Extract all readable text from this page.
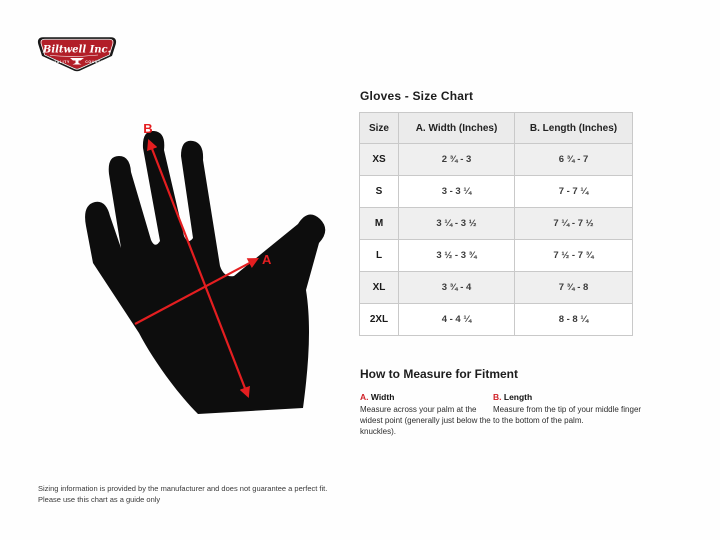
Biltwell Inc.
“QUALITY COUNTS”
B
A
Gloves - Size Chart
Size	A. Width (Inches)	B. Length (Inches)
XS	2 ¾ - 3	6 ¾ - 7
S	3 - 3 ¼	7 - 7 ¼
M	3 ¼ - 3 ½	7 ¼ - 7 ½
L	3 ½ - 3 ¾	7 ½ - 7 ¾
XL	3 ¾ - 4	7 ¾ - 8
2XL	4 - 4 ¼	8 - 8 ¼
How to Measure for Fitment
A. Width
Measure across your palm at the widest point (generally just below the knuckles).
B. Length
Measure from the tip of your middle finger to the bottom of the palm.
Sizing information is provided by the manufacturer and does not guarantee a perfect fit.
Please use this chart as a guide only
